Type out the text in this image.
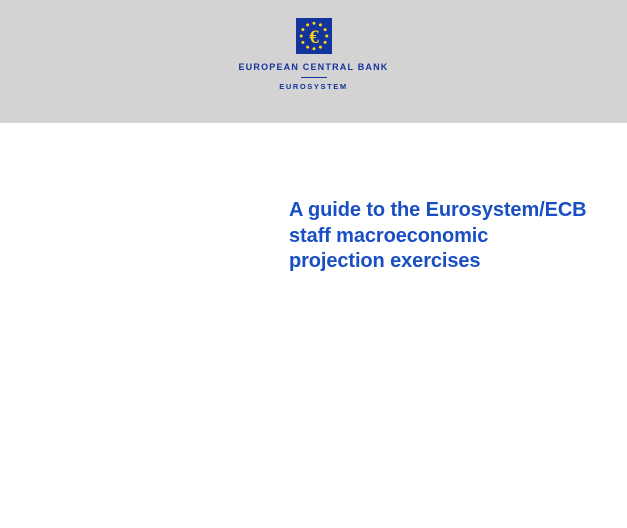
€
EUROPEAN CENTRAL BANK
EUROSYSTEM
A guide to the Eurosystem/ECB staff macroeconomic projection exercises
